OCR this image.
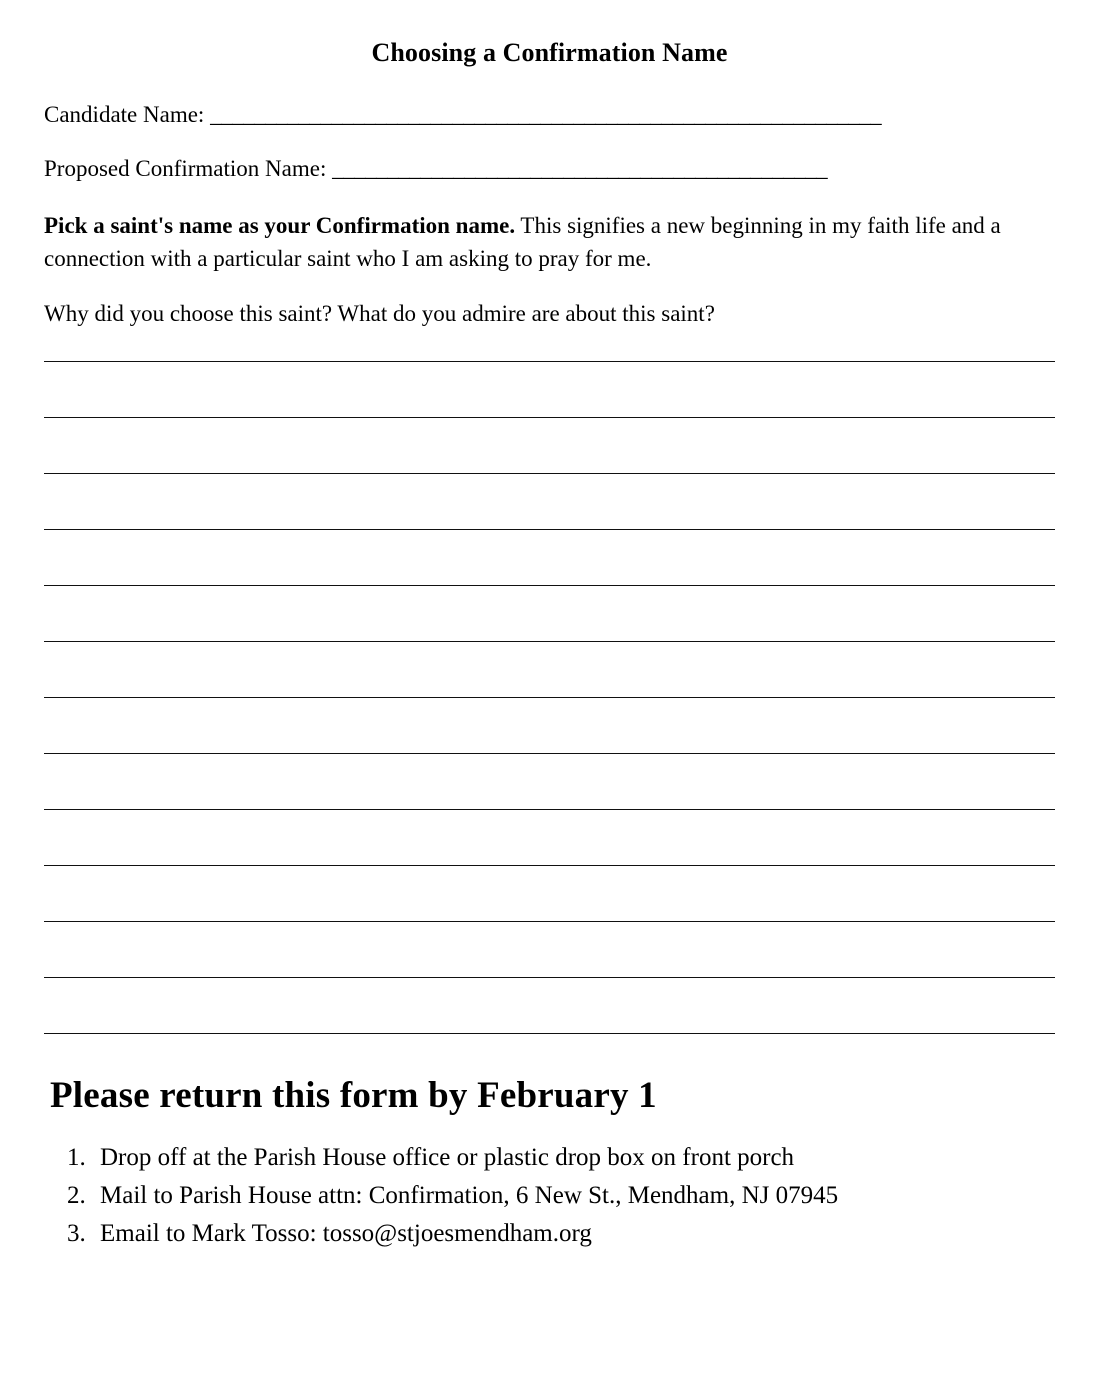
Choosing a Confirmation Name
Candidate Name: _____________________________________________________________
Proposed Confirmation Name: _____________________________________________

Pick a saint's name as your Confirmation name. This signifies a new beginning in my faith life and a connection with a particular saint who I am asking to pray for me.

Why did you choose this saint? What do you admire are about this saint?

Please return this form by February 1
1. Drop off at the Parish House office or plastic drop box on front porch
2. Mail to Parish House attn: Confirmation, 6 New St., Mendham, NJ 07945
3. Email to Mark Tosso: tosso@stjoesmendham.org
